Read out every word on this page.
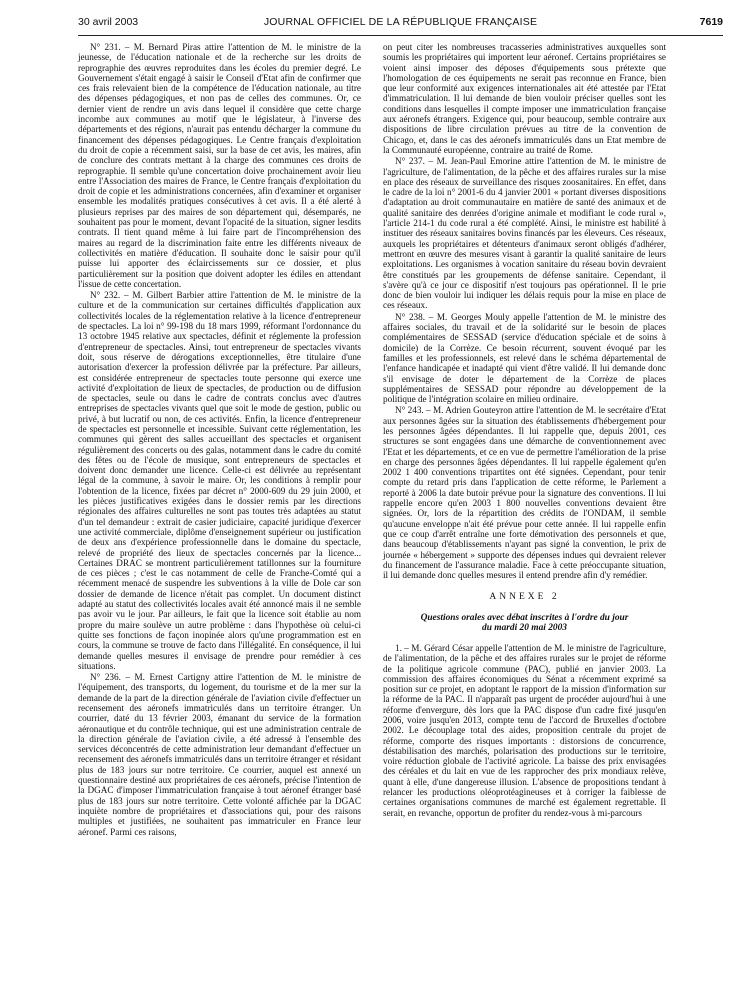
30 avril 2003	JOURNAL OFFICIEL DE LA RÉPUBLIQUE FRANÇAISE	7619

N° 231. – M. Bernard Piras attire l'attention de M. le ministre de la jeunesse, de l'éducation nationale et de la recherche sur les droits de reprographie des œuvres reproduites dans les écoles du premier degré. Le Gouvernement s'était engagé à saisir le Conseil d'Etat afin de confirmer que ces frais relevaient bien de la compétence de l'éducation nationale, au titre des dépenses pédagogiques, et non pas de celles des communes. Or, ce dernier vient de rendre un avis dans lequel il considère que cette charge incombe aux communes au motif que le législateur, à l'inverse des départements et des régions, n'aurait pas entendu décharger la commune du financement des dépenses pédagogiques. Le Centre français d'exploitation du droit de copie a récemment saisi, sur la base de cet avis, les maires, afin de conclure des contrats mettant à la charge des communes ces droits de reprographie. Il semble qu'une concertation doive prochainement avoir lieu entre l'Association des maires de France, le Centre français d'exploitation du droit de copie et les administrations concernées, afin d'examiner et organiser ensemble les modalités pratiques consécutives à cet avis. Il a été alerté à plusieurs reprises par des maires de son département qui, désemparés, ne souhaitent pas pour le moment, devant l'opacité de la situation, signer lesdits contrats. Il tient quand même à lui faire part de l'incompréhension des maires au regard de la discrimination faite entre les différents niveaux de collectivités en matière d'éducation. Il souhaite donc le saisir pour qu'il puisse lui apporter des éclaircissements sur ce dossier, et plus particulièrement sur la position que doivent adopter les édiles en attendant l'issue de cette concertation.

N° 232. – M. Gilbert Barbier attire l'attention de M. le ministre de la culture et de la communication sur certaines difficultés d'application aux collectivités locales de la réglementation relative à la licence d'entrepreneur de spectacles. La loi n° 99-198 du 18 mars 1999, réformant l'ordonnance du 13 octobre 1945 relative aux spectacles, définit et réglemente la profession d'entrepreneur de spectacles. Ainsi, tout entrepreneur de spectacles vivants doit, sous réserve de dérogations exceptionnelles, être titulaire d'une autorisation d'exercer la profession délivrée par la préfecture. Par ailleurs, est considérée entrepreneur de spectacles toute personne qui exerce une activité d'exploitation de lieux de spectacles, de production ou de diffusion de spectacles, seule ou dans le cadre de contrats conclus avec d'autres entreprises de spectacles vivants quel que soit le mode de gestion, public ou privé, à but lucratif ou non, de ces activités. Enfin, la licence d'entrepreneur de spectacles est personnelle et incessible. Suivant cette réglementation, les communes qui gèrent des salles accueillant des spectacles et organisent régulièrement des concerts ou des galas, notamment dans le cadre du comité des fêtes ou de l'école de musique, sont entrepreneurs de spectacles et doivent donc demander une licence. Celle-ci est délivrée au représentant légal de la commune, à savoir le maire. Or, les conditions à remplir pour l'obtention de la licence, fixées par décret n° 2000-609 du 29 juin 2000, et les pièces justificatives exigées dans le dossier remis par les directions régionales des affaires culturelles ne sont pas toutes très adaptées au statut d'un tel demandeur : extrait de casier judiciaire, capacité juridique d'exercer une activité commerciale, diplôme d'enseignement supérieur ou justification de deux ans d'expérience professionnelle dans le domaine du spectacle, relevé de propriété des lieux de spectacles concernés par la licence... Certaines DRAC se montrent particulièrement tatillonnes sur la fourniture de ces pièces ; c'est le cas notamment de celle de Franche-Comté qui a récemment menacé de suspendre les subventions à la ville de Dole car son dossier de demande de licence n'était pas complet. Un document distinct adapté au statut des collectivités locales avait été annoncé mais il ne semble pas avoir vu le jour. Par ailleurs, le fait que la licence soit établie au nom propre du maire soulève un autre problème : dans l'hypothèse où celui-ci quitte ses fonctions de façon inopinée alors qu'une programmation est en cours, la commune se trouve de facto dans l'illégalité. En conséquence, il lui demande quelles mesures il envisage de prendre pour remédier à ces situations.

N° 236. – M. Ernest Cartigny attire l'attention de M. le ministre de l'équipement, des transports, du logement, du tourisme et de la mer sur la demande de la part de la direction générale de l'aviation civile d'effectuer un recensement des aéronefs immatriculés dans un territoire étranger. Un courrier, daté du 13 février 2003, émanant du service de la formation aéronautique et du contrôle technique, qui est une administration centrale de la direction générale de l'aviation civile, a été adressé à l'ensemble des services déconcentrés de cette administration leur demandant d'effectuer un recensement des aéronefs immatriculés dans un territoire étranger et résidant plus de 183 jours sur notre territoire. Ce courrier, auquel est annexé un questionnaire destiné aux propriétaires de ces aéronefs, précise l'intention de la DGAC d'imposer l'immatriculation française à tout aéronef étranger basé plus de 183 jours sur notre territoire. Cette volonté affichée par la DGAC inquiète nombre de propriétaires et d'associations qui, pour des raisons multiples et justifiées, ne souhaitent pas immatriculer en France leur aéronef. Parmi ces raisons,

on peut citer les nombreuses tracasseries administratives auxquelles sont soumis les propriétaires qui importent leur aéronef. Certains propriétaires se voient ainsi imposer des déposes d'équipements sous prétexte que l'homologation de ces équipements ne serait pas reconnue en France, bien que leur conformité aux exigences internationales ait été attestée par l'Etat d'immatriculation. Il lui demande de bien vouloir préciser quelles sont les conditions dans lesquelles il compte imposer une immatriculation française aux aéronefs étrangers. Exigence qui, pour beaucoup, semble contraire aux dispositions de libre circulation prévues au titre de la convention de Chicago, et, dans le cas des aéronefs immatriculés dans un Etat membre de la Communauté européenne, contraire au traité de Rome.

N° 237. – M. Jean-Paul Emorine attire l'attention de M. le ministre de l'agriculture, de l'alimentation, de la pêche et des affaires rurales sur la mise en place des réseaux de surveillance des risques zoosanitaires. En effet, dans le cadre de la loi n° 2001-6 du 4 janvier 2001 « portant diverses dispositions d'adaptation au droit communautaire en matière de santé des animaux et de qualité sanitaire des denrées d'origine animale et modifiant le code rural », l'article 214-1 du code rural a été complété. Ainsi, le ministre est habilité à instituer des réseaux sanitaires bovins financés par les éleveurs. Ces réseaux, auxquels les propriétaires et détenteurs d'animaux seront obligés d'adhérer, mettront en œuvre des mesures visant à garantir la qualité sanitaire de leurs exploitations. Les organismes à vocation sanitaire du réseau bovin devraient être constitués par les groupements de défense sanitaire. Cependant, il s'avère qu'à ce jour ce dispositif n'est toujours pas opérationnel. Il le prie donc de bien vouloir lui indiquer les délais requis pour la mise en place de ces réseaux.

N° 238. – M. Georges Mouly appelle l'attention de M. le ministre des affaires sociales, du travail et de la solidarité sur le besoin de places complémentaires de SESSAD (service d'éducation spéciale et de soins à domicile) de la Corrèze. Ce besoin récurrent, souvent évoqué par les familles et les professionnels, est relevé dans le schéma départemental de l'enfance handicapée et inadapté qui vient d'être validé. Il lui demande donc s'il envisage de doter le département de la Corrèze de places supplémentaires de SESSAD pour répondre au développement de la politique de l'intégration scolaire en milieu ordinaire.

N° 243. – M. Adrien Gouteyron attire l'attention de M. le secrétaire d'Etat aux personnes âgées sur la situation des établissements d'hébergement pour les personnes âgées dépendantes. Il lui rappelle que, depuis 2001, ces structures se sont engagées dans une démarche de conventionnement avec l'Etat et les départements, et ce en vue de permettre l'amélioration de la prise en charge des personnes âgées dépendantes. Il lui rappelle également qu'en 2002 1 400 conventions tripartites ont été signées. Cependant, pour tenir compte du retard pris dans l'application de cette réforme, le Parlement a reporté à 2006 la date butoir prévue pour la signature des conventions. Il lui rappelle encore qu'en 2003 1 800 nouvelles conventions devaient être signées. Or, lors de la répartition des crédits de l'ONDAM, il semble qu'aucune enveloppe n'ait été prévue pour cette année. Il lui rappelle enfin que ce coup d'arrêt entraîne une forte démotivation des personnels et que, dans beaucoup d'établissements n'ayant pas signé la convention, le prix de journée « hébergement » supporte des dépenses indues qui devraient relever du financement de l'assurance maladie. Face à cette préoccupante situation, il lui demande donc quelles mesures il entend prendre afin d'y remédier.

ANNEXE 2
Questions orales avec débat inscrites à l'ordre du jour
du mardi 20 mai 2003

1. – M. Gérard César appelle l'attention de M. le ministre de l'agriculture, de l'alimentation, de la pêche et des affaires rurales sur le projet de réforme de la politique agricole commune (PAC), publié en janvier 2003. La commission des affaires économiques du Sénat a récemment exprimé sa position sur ce projet, en adoptant le rapport de la mission d'information sur la réforme de la PAC. Il n'apparaît pas urgent de procéder aujourd'hui à une réforme d'envergure, dès lors que la PAC dispose d'un cadre fixé jusqu'en 2006, voire jusqu'en 2013, compte tenu de l'accord de Bruxelles d'octobre 2002. Le découplage total des aides, proposition centrale du projet de réforme, comporte des risques importants : distorsions de concurrence, déstabilisation des marchés, polarisation des productions sur le territoire, voire réduction globale de l'activité agricole. La baisse des prix envisagées des céréales et du lait en vue de les rapprocher des prix mondiaux relève, quant à elle, d'une dangereuse illusion. L'absence de propositions tendant à relancer les productions oléoprotéagineuses et à corriger la faiblesse de certaines organisations communes de marché est également regrettable. Il serait, en revanche, opportun de profiter du rendez-vous à mi-parcours
